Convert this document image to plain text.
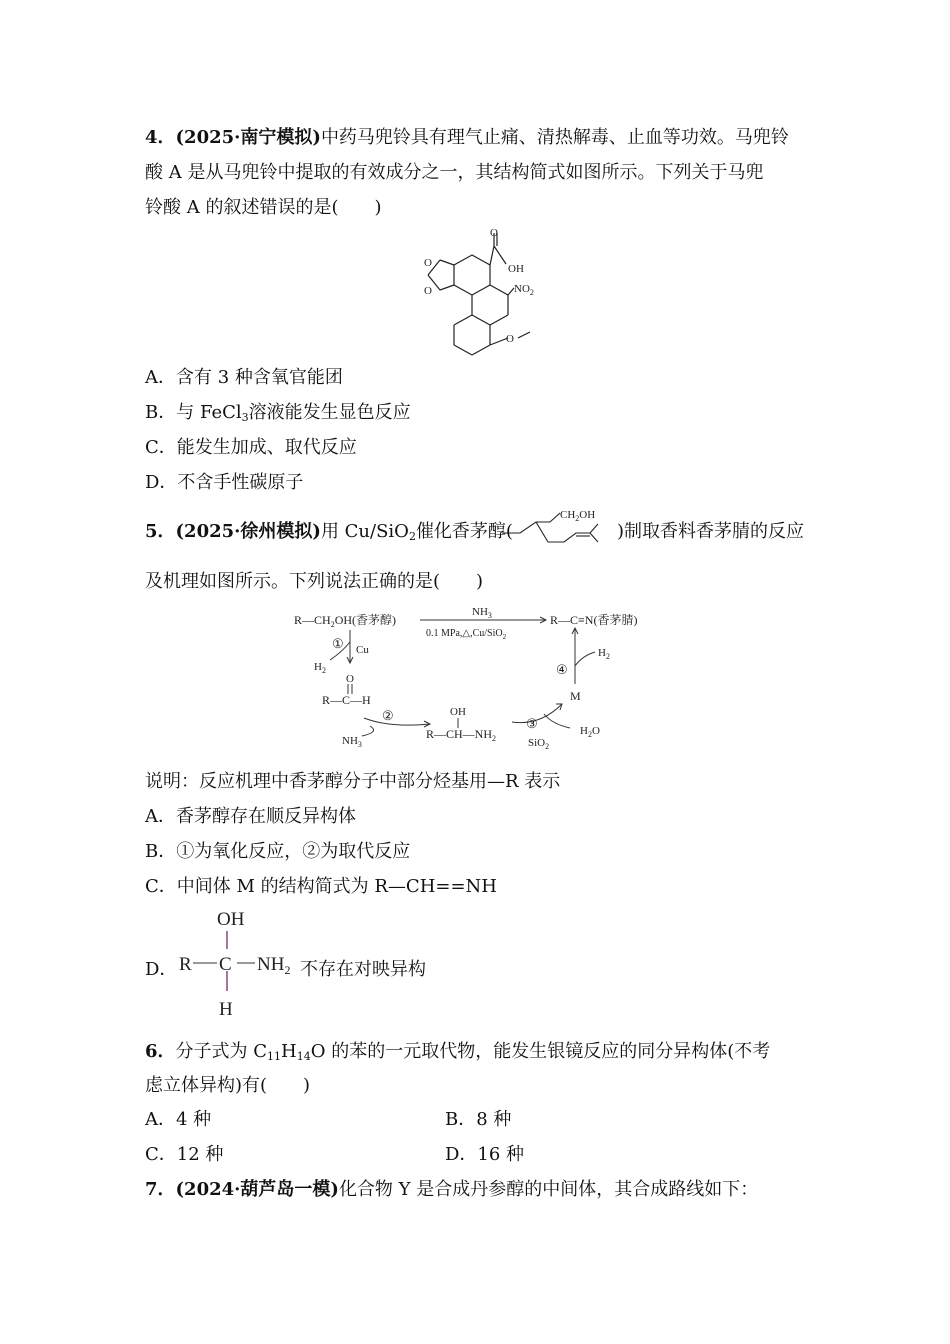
4．(2025·南宁模拟)中药马兜铃具有理气止痛、清热解毒、止血等功效。马兜铃
酸 A 是从马兜铃中提取的有效成分之一，其结构简式如图所示。下列关于马兜
铃酸 A 的叙述错误的是(　　)
O
O
O
OH
$NO_2$
O
A．含有 3 种含氧官能团
B．与 FeCl$_3$溶液能发生显色反应
C．能发生加成、取代反应
D．不含手性碳原子
5．(2025·徐州模拟)用 Cu/SiO$_2$催化香茅醇(	)制取香料香茅腈的反应
$CH_2OH$
及机理如图所示。下列说法正确的是(　　)
$R—CH_2OH$(香茅醇)
$NH_3$
0.1 MPa,△,Cu/SiO$_2$
R—C≡N(香茅腈)
① Cu
$H_2$
O
R—C—H
②
$NH_3$
OH
$R—CH—NH_2$
③
SiO$_2$
M
$H_2O$
④
$H_2$
说明：反应机理中香茅醇分子中部分烃基用—R 表示
A．香茅醇存在顺反异构体
B．①为氧化反应，②为取代反应
C．中间体 M 的结构简式为 R—CH==NH
D．
OH
R C $NH_2$
H
不存在对映异构
6．分子式为 $C_{11}H_{14}O$ 的苯的一元取代物，能发生银镜反应的同分异构体(不考
虑立体异构)有(　　)
A．4 种	B．8 种
C．12 种	D．16 种
7．(2024·葫芦岛一模)化合物 Y 是合成丹参醇的中间体，其合成路线如下：
